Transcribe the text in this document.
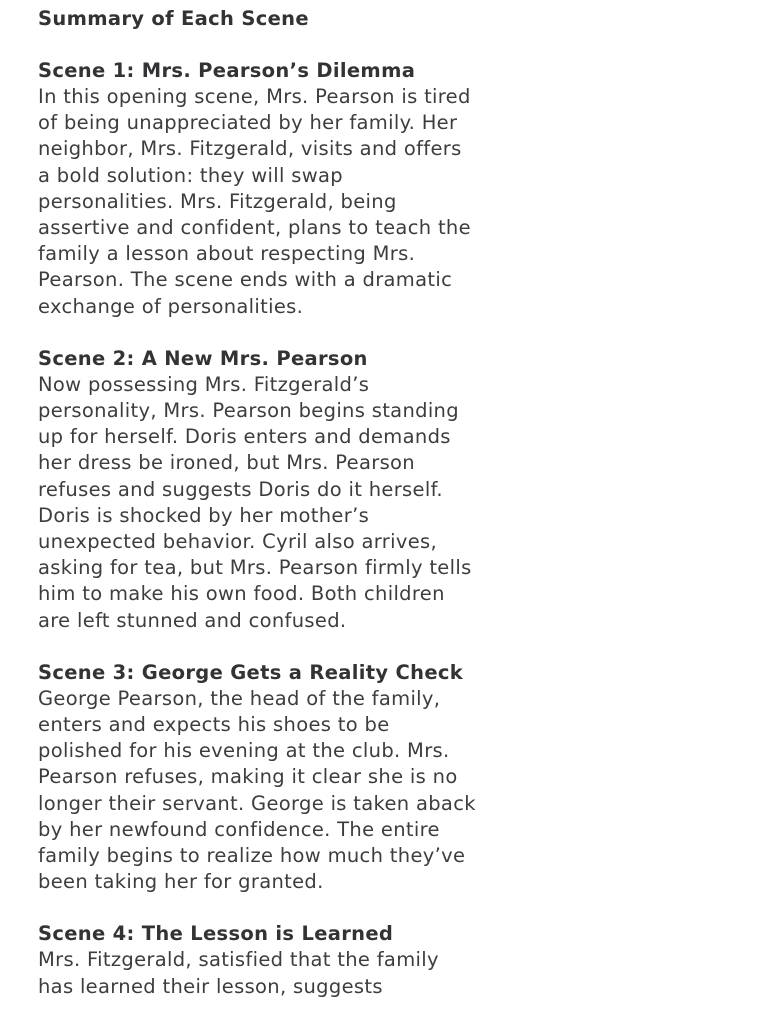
Summary of Each Scene
Scene 1: Mrs. Pearson’s Dilemma

In this opening scene, Mrs. Pearson is tired
of being unappreciated by her family. Her
neighbor, Mrs. Fitzgerald, visits and offers
a bold solution: they will swap
personalities. Mrs. Fitzgerald, being
assertive and confident, plans to teach the
family a lesson about respecting Mrs.
Pearson. The scene ends with a dramatic
exchange of personalities.

Scene 2: A New Mrs. Pearson

Now possessing Mrs. Fitzgerald’s
personality, Mrs. Pearson begins standing
up for herself. Doris enters and demands
her dress be ironed, but Mrs. Pearson
refuses and suggests Doris do it herself.
Doris is shocked by her mother’s
unexpected behavior. Cyril also arrives,
asking for tea, but Mrs. Pearson firmly tells
him to make his own food. Both children
are left stunned and confused.

Scene 3: George Gets a Reality Check

George Pearson, the head of the family,
enters and expects his shoes to be
polished for his evening at the club. Mrs.
Pearson refuses, making it clear she is no
longer their servant. George is taken aback
by her newfound confidence. The entire
family begins to realize how much they’ve
been taking her for granted.

Scene 4: The Lesson is Learned

Mrs. Fitzgerald, satisfied that the family
has learned their lesson, suggests
